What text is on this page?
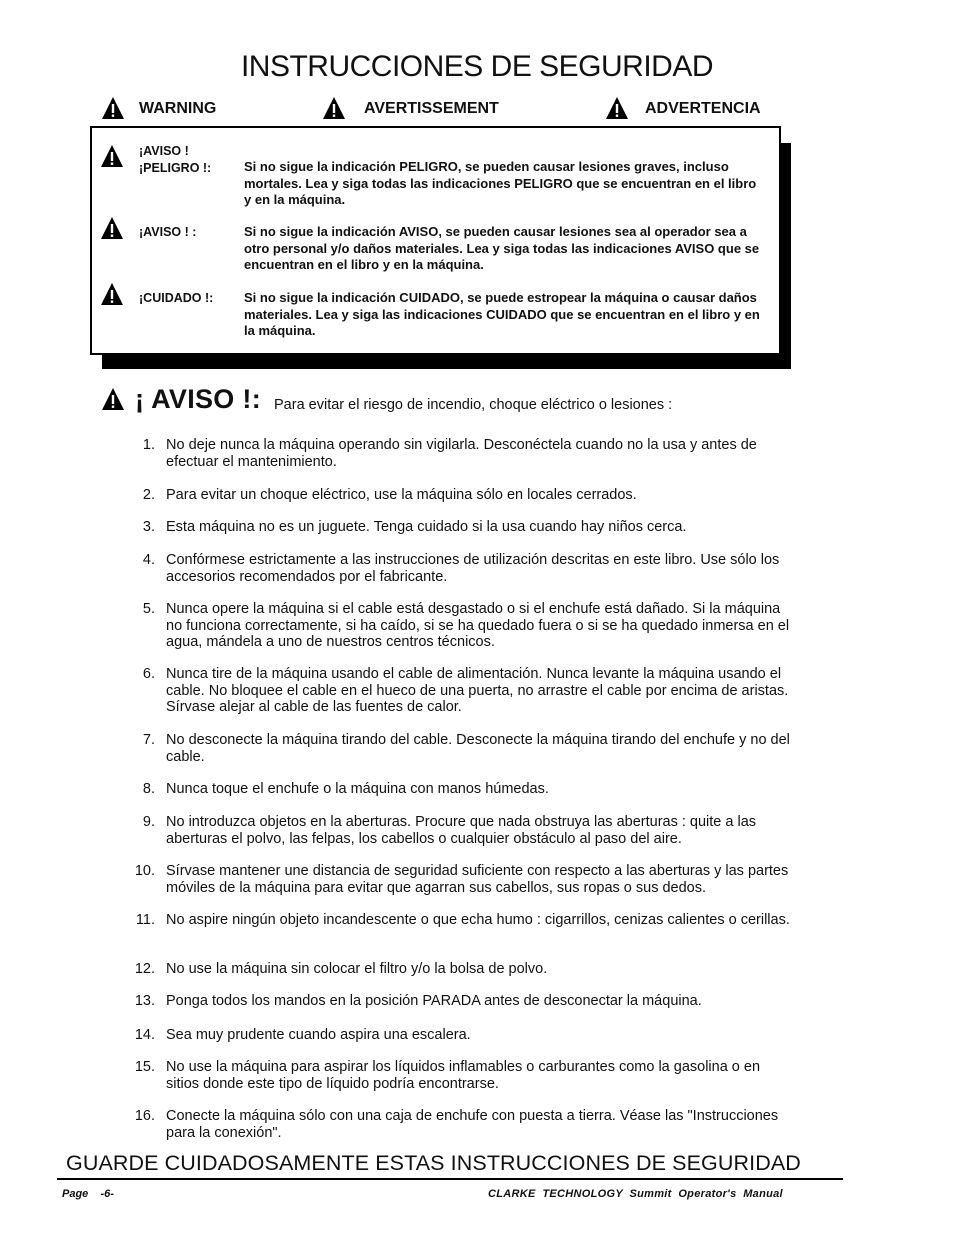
INSTRUCCIONES DE SEGURIDAD
WARNING	AVERTISSEMENT	ADVERTENCIA
¡AVISO !
¡PELIGRO !:	Si no sigue la indicación PELIGRO, se pueden causar lesiones graves, incluso mortales. Lea y siga todas las indicaciones PELIGRO que se encuentran en el libro y en la máquina.
¡AVISO ! :	Si no sigue la indicación AVISO, se pueden causar lesiones sea al operador sea a otro personal y/o daños materiales. Lea y siga todas las indicaciones AVISO que se encuentran en el libro y en la máquina.
¡CUIDADO !: Si no sigue la indicación CUIDADO, se puede estropear la máquina o causar daños materiales. Lea y siga las indicaciones CUIDADO que se encuentran en el libro y en la máquina.
¡ AVISO !: Para evitar el riesgo de incendio, choque eléctrico o lesiones :
1. No deje nunca la máquina operando sin vigilarla. Desconéctela cuando no la usa y antes de efectuar el mantenimiento.
2. Para evitar un choque eléctrico, use la máquina sólo en locales cerrados.
3. Esta máquina no es un juguete. Tenga cuidado si la usa cuando hay niños cerca.
4. Confórmese estrictamente a las instrucciones de utilización descritas en este libro. Use sólo los accesorios recomendados por el fabricante.
5. Nunca opere la máquina si el cable está desgastado o si el enchufe está dañado. Si la máquina no funciona correctamente, si ha caído, si se ha quedado fuera o si se ha quedado inmersa en el agua, mándela a uno de nuestros centros técnicos.
6. Nunca tire de la máquina usando el cable de alimentación. Nunca levante la máquina usando el cable. No bloquee el cable en el hueco de una puerta, no arrastre el cable por encima de aristas. Sírvase alejar al cable de las fuentes de calor.
7. No desconecte la máquina tirando del cable. Desconecte la máquina tirando del enchufe y no del cable.
8. Nunca toque el enchufe o la máquina con manos húmedas.
9. No introduzca objetos en la aberturas. Procure que nada obstruya las aberturas : quite a las aberturas el polvo, las felpas, los cabellos o cualquier obstáculo al paso del aire.
10. Sírvase mantener une distancia de seguridad suficiente con respecto a las aberturas y las partes móviles de la máquina para evitar que agarran sus cabellos, sus ropas o sus dedos.
11. No aspire ningún objeto incandescente o que echa humo : cigarrillos, cenizas calientes o cerillas.
12. No use la máquina sin colocar el filtro y/o la bolsa de polvo.
13. Ponga todos los mandos en la posición PARADA antes de desconectar la máquina.
14. Sea muy prudente cuando aspira una escalera.
15. No use la máquina para aspirar los líquidos inflamables o carburantes como la gasolina o en sitios donde este tipo de líquido podría encontrarse.
16. Conecte la máquina sólo con una caja de enchufe con puesta a tierra. Véase las "Instrucciones para la conexión".
GUARDE CUIDADOSAMENTE ESTAS INSTRUCCIONES DE SEGURIDAD
Page    -6-	CLARKE  TECHNOLOGY  Summit  Operator's  Manual
